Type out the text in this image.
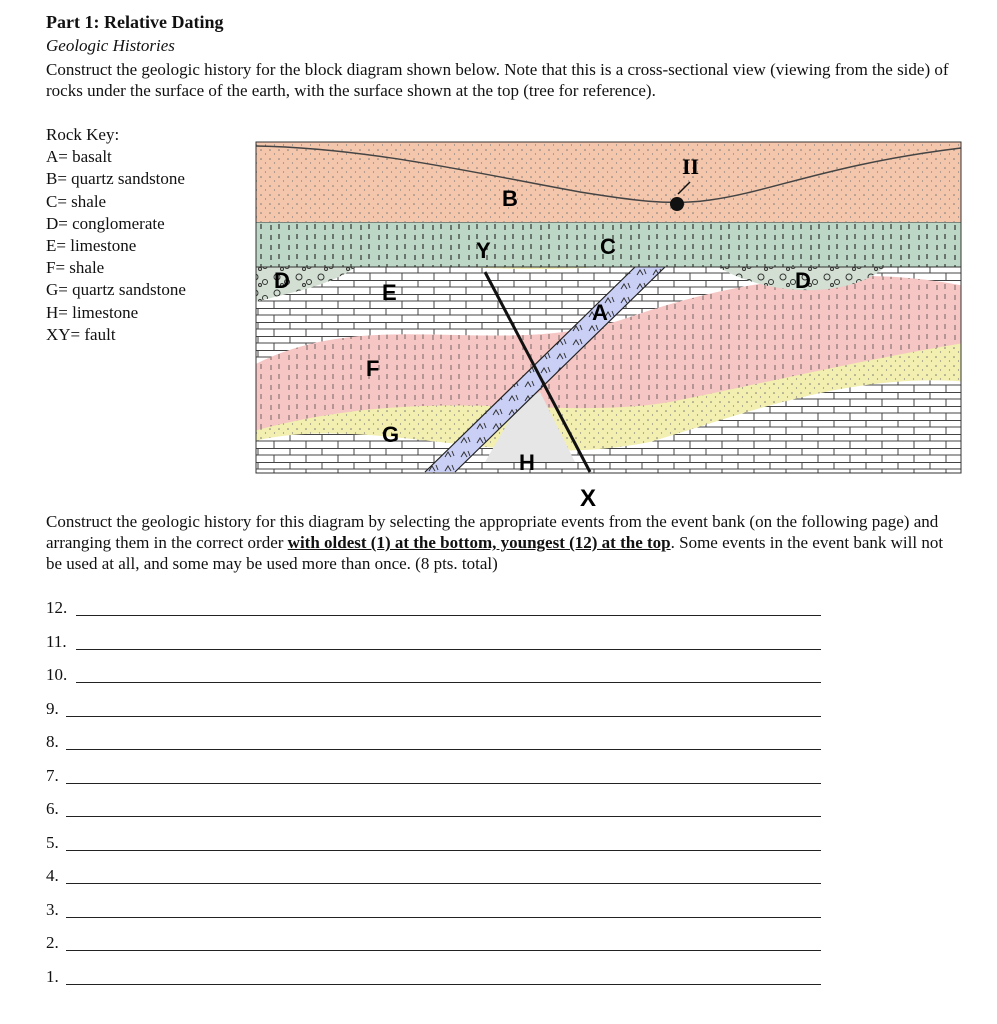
Part 1: Relative Dating
Geologic Histories
Construct the geologic history for the block diagram shown below. Note that this is a cross-sectional view (viewing from the side) of rocks under the surface of the earth, with the surface shown at the top (tree for reference).
Rock Key:
A= basalt
B= quartz sandstone
C= shale
D= conglomerate
E= limestone
F= shale
G= quartz sandstone
H= limestone
XY= fault
B
II
Y	C
D	D
E
A
F
G
H
X
Construct the geologic history for this diagram by selecting the appropriate events from the event bank (on the following page) and arranging them in the correct order with oldest (1) at the bottom, youngest (12) at the top. Some events in the event bank will not be used at all, and some may be used more than once. (8 pts. total)
12.
11.
10.
9.
8.
7.
6.
5.
4.
3.
2.
1.
